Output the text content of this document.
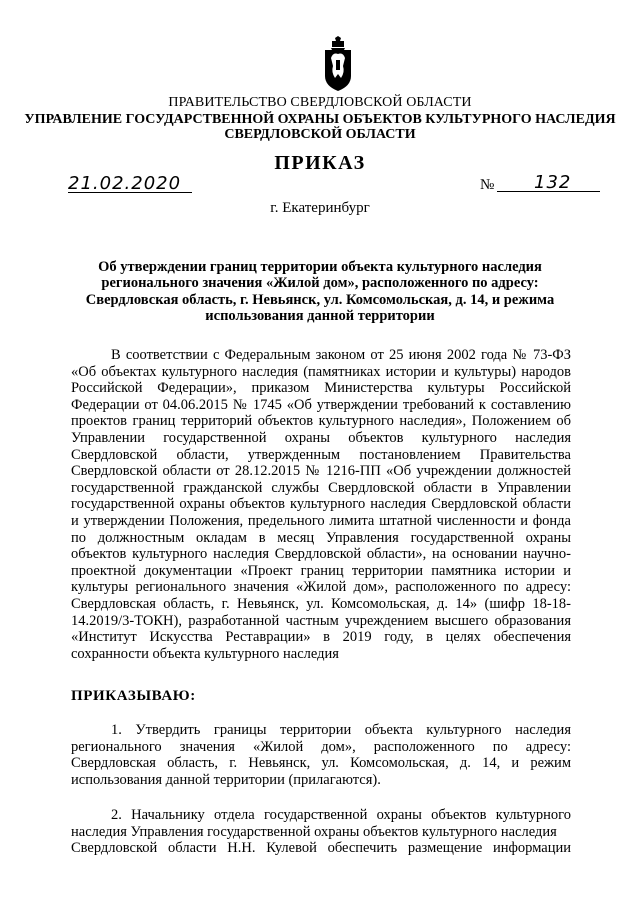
ПРАВИТЕЛЬСТВО СВЕРДЛОВСКОЙ ОБЛАСТИ
УПРАВЛЕНИЕ ГОСУДАРСТВЕННОЙ ОХРАНЫ ОБЪЕКТОВ КУЛЬТУРНОГО НАСЛЕДИЯ
СВЕРДЛОВСКОЙ ОБЛАСТИ
ПРИКАЗ
21.02.2020	№ 132
г. Екатеринбург
Об утверждении границ территории объекта культурного наследия регионального значения «Жилой дом», расположенного по адресу: Свердловская область, г. Невьянск, ул. Комсомольская, д. 14, и режима использования данной территории
В соответствии с Федеральным законом от 25 июня 2002 года № 73-ФЗ «Об объектах культурного наследия (памятниках истории и культуры) народов Российской Федерации», приказом Министерства культуры Российской Федерации от 04.06.2015 № 1745 «Об утверждении требований к составлению проектов границ территорий объектов культурного наследия», Положением об Управлении государственной охраны объектов культурного наследия Свердловской области, утвержденным постановлением Правительства Свердловской области от 28.12.2015 № 1216-ПП «Об учреждении должностей государственной гражданской службы Свердловской области в Управлении государственной охраны объектов культурного наследия Свердловской области и утверждении Положения, предельного лимита штатной численности и фонда по должностным окладам в месяц Управления государственной охраны объектов культурного наследия Свердловской области», на основании научно-проектной документации «Проект границ территории памятника истории и культуры регионального значения «Жилой дом», расположенного по адресу: Свердловская область, г. Невьянск, ул. Комсомольская, д. 14» (шифр 18-18-14.2019/3-ТОКН), разработанной частным учреждением высшего образования «Институт Искусства Реставрации» в 2019 году, в целях обеспечения сохранности объекта культурного наследия
ПРИКАЗЫВАЮ:
1. Утвердить границы территории объекта культурного наследия регионального значения «Жилой дом», расположенного по адресу: Свердловская область, г. Невьянск, ул. Комсомольская, д. 14, и режим использования данной территории (прилагаются).
2. Начальнику отдела государственной охраны объектов культурного наследия Управления государственной охраны объектов культурного наследия
Свердловской области Н.Н. Кулевой обеспечить размещение информации
